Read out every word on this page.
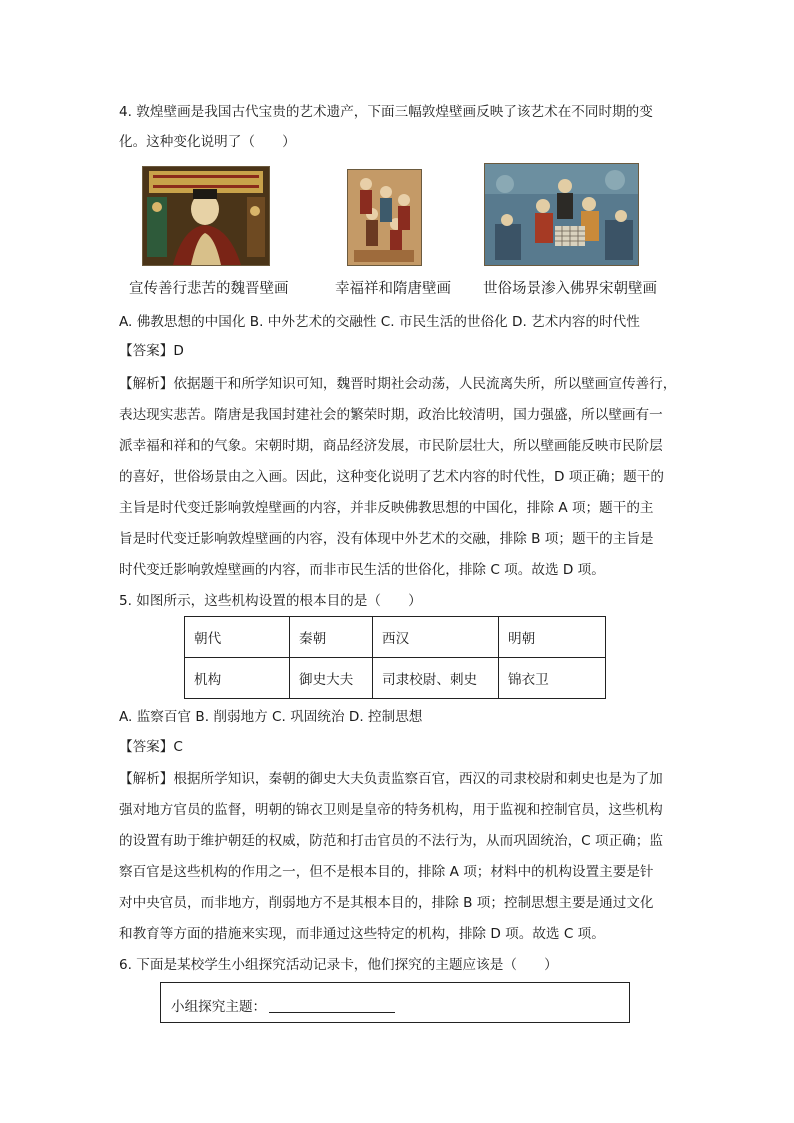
4. 敦煌壁画是我国古代宝贵的艺术遗产，下面三幅敦煌壁画反映了该艺术在不同时期的变
化。这种变化说明了（　　）
宣传善行悲苦的魏晋壁画	幸福祥和隋唐壁画 世俗场景渗入佛界宋朝壁画
A. 佛教思想的中国化 B. 中外艺术的交融性 C. 市民生活的世俗化 D. 艺术内容的时代性
【答案】D
【解析】依据题干和所学知识可知，魏晋时期社会动荡，人民流离失所，所以壁画宣传善行，
表达现实悲苦。隋唐是我国封建社会的繁荣时期，政治比较清明，国力强盛，所以壁画有一
派幸福和祥和的气象。宋朝时期，商品经济发展，市民阶层壮大，所以壁画能反映市民阶层
的喜好，世俗场景由之入画。因此，这种变化说明了艺术内容的时代性，D 项正确；题干的
主旨是时代变迁影响敦煌壁画的内容，并非反映佛教思想的中国化，排除 A 项；题干的主
旨是时代变迁影响敦煌壁画的内容，没有体现中外艺术的交融，排除 B 项；题干的主旨是
时代变迁影响敦煌壁画的内容，而非市民生活的世俗化，排除 C 项。故选 D 项。
5. 如图所示，这些机构设置的根本目的是（　　）
朝代	秦朝	西汉	明朝
机构	御史大夫	司隶校尉、刺史	锦衣卫
A. 监察百官 B. 削弱地方 C. 巩固统治 D. 控制思想
【答案】C
【解析】根据所学知识，秦朝的御史大夫负责监察百官，西汉的司隶校尉和刺史也是为了加
强对地方官员的监督，明朝的锦衣卫则是皇帝的特务机构，用于监视和控制官员，这些机构
的设置有助于维护朝廷的权威，防范和打击官员的不法行为，从而巩固统治，C 项正确；监
察百官是这些机构的作用之一，但不是根本目的，排除 A 项；材料中的机构设置主要是针
对中央官员，而非地方，削弱地方不是其根本目的，排除 B 项；控制思想主要是通过文化
和教育等方面的措施来实现，而非通过这些特定的机构，排除 D 项。故选 C 项。
6. 下面是某校学生小组探究活动记录卡，他们探究的主题应该是（　　）
小组探究主题：
